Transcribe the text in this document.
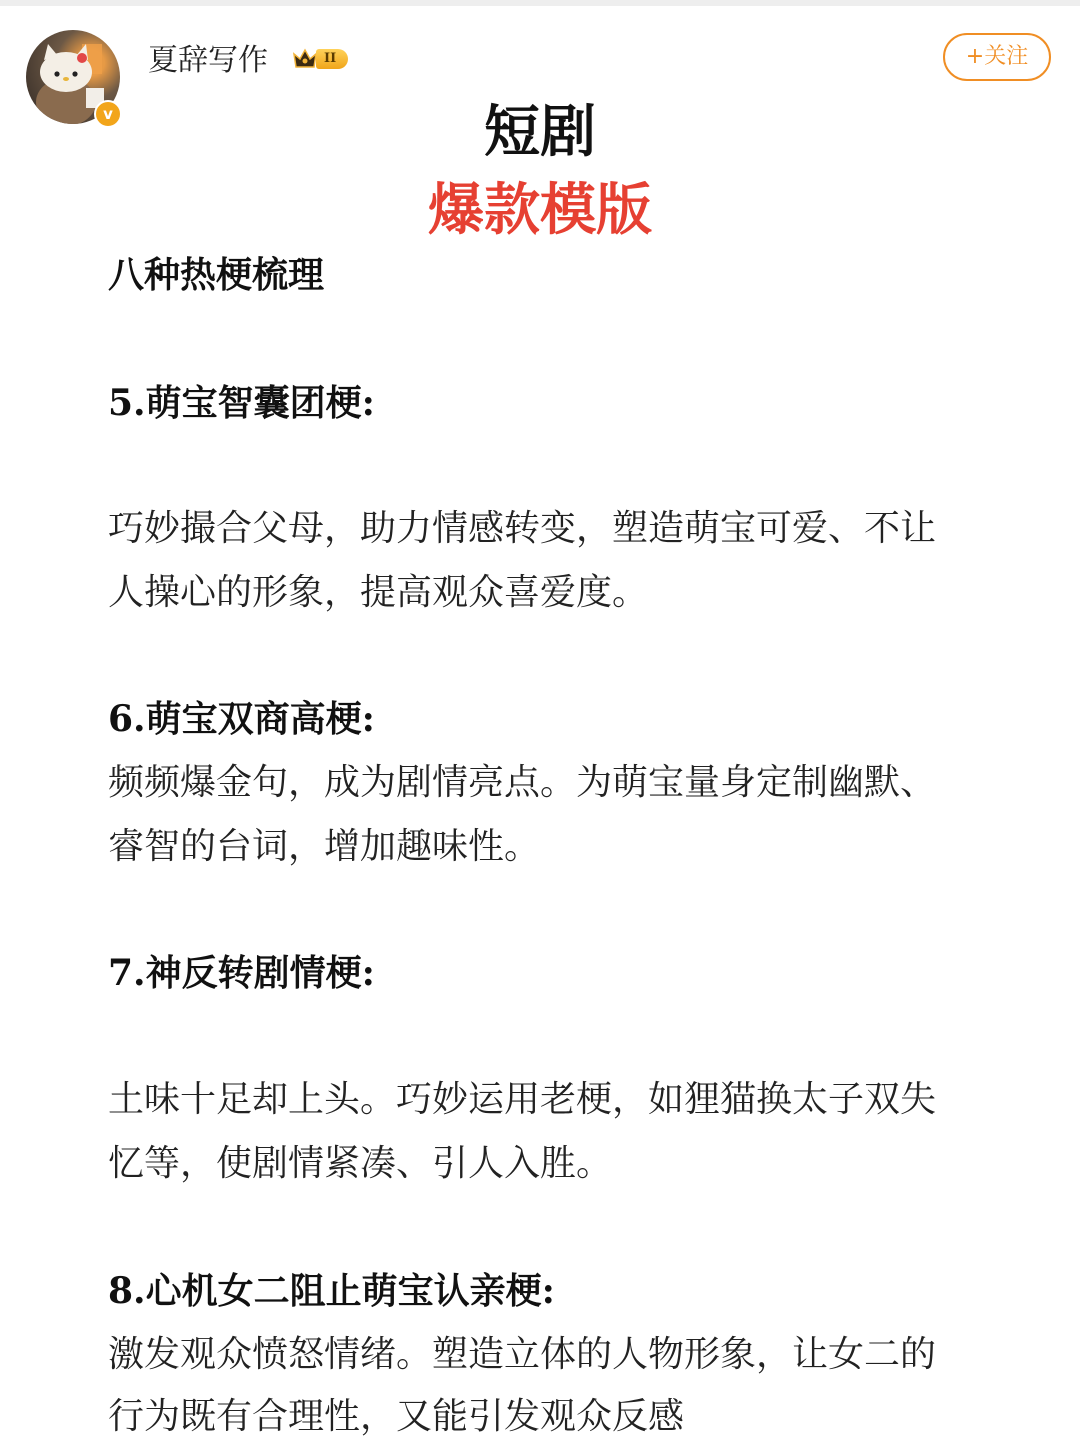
v
夏辞写作	II	+关注
短剧
爆款模版
八种热梗梳理
5.萌宝智囊团梗:
巧妙撮合父母，助力情感转变，塑造萌宝可爱、不让
人操心的形象，提高观众喜爱度。
6.萌宝双商高梗:
频频爆金句，成为剧情亮点。为萌宝量身定制幽默、
睿智的台词，增加趣味性。
7.神反转剧情梗:
土味十足却上头。巧妙运用老梗，如狸猫换太子双失
忆等，使剧情紧凑、引人入胜。
8.心机女二阻止萌宝认亲梗:
激发观众愤怒情绪。塑造立体的人物形象，让女二的
行为既有合理性，又能引发观众反感
